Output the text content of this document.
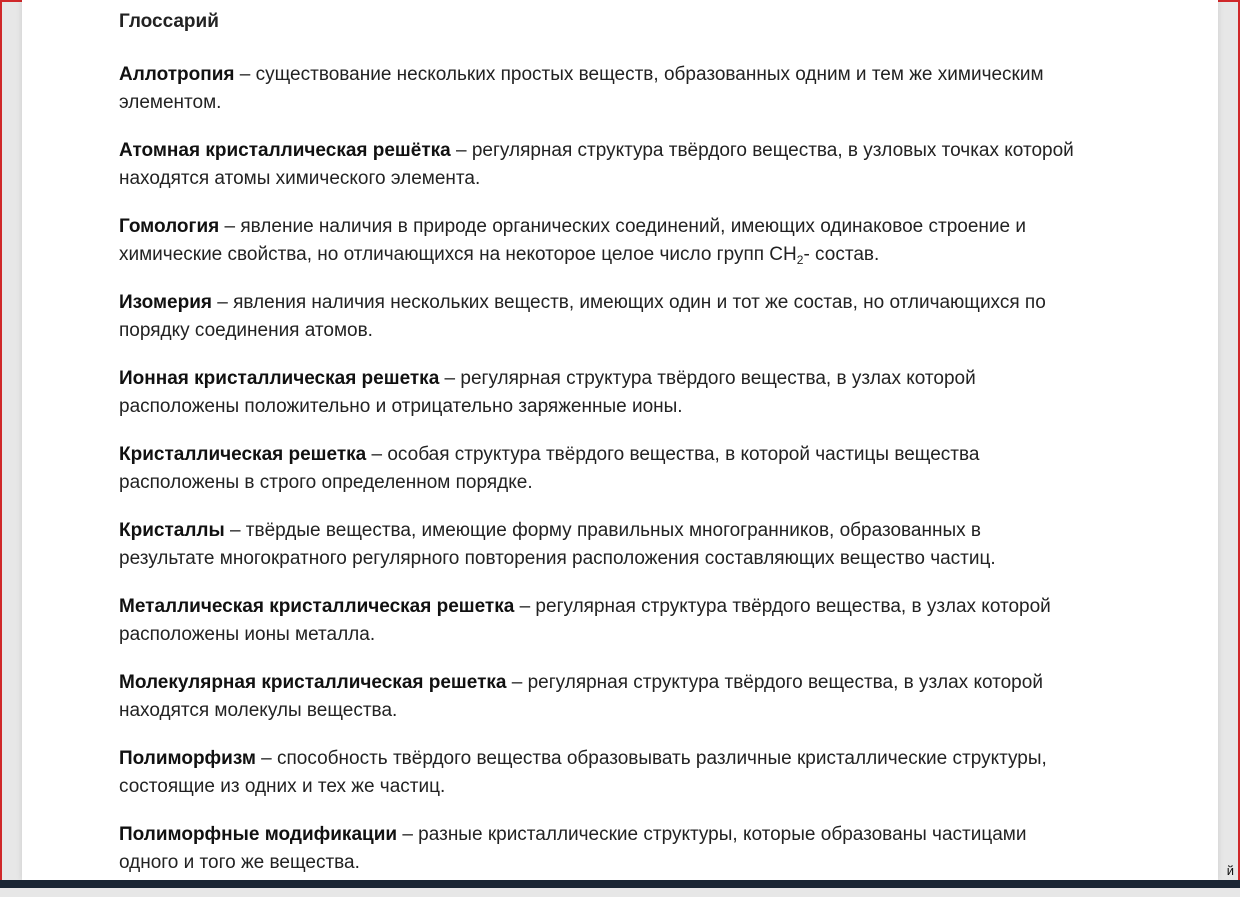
Глоссарий

Аллотропия – существование нескольких простых веществ, образованных одним и тем же химическим элементом.

Атомная кристаллическая решётка – регулярная структура твёрдого вещества, в узловых точках которой находятся атомы химического элемента.

Гомология – явление наличия в природе органических соединений, имеющих одинаковое строение и химические свойства, но отличающихся на некоторое целое число групп $CH_2-$ состав.

Изомерия – явления наличия нескольких веществ, имеющих один и тот же состав, но отличающихся по порядку соединения атомов.

Ионная кристаллическая решетка – регулярная структура твёрдого вещества, в узлах которой расположены положительно и отрицательно заряженные ионы.

Кристаллическая решетка – особая структура твёрдого вещества, в которой частицы вещества расположены в строго определенном порядке.

Кристаллы – твёрдые вещества, имеющие форму правильных многогранников, образованных в результате многократного регулярного повторения расположения составляющих вещество частиц.

Металлическая кристаллическая решетка – регулярная структура твёрдого вещества, в узлах которой расположены ионы металла.

Молекулярная кристаллическая решетка – регулярная структура твёрдого вещества, в узлах которой находятся молекулы вещества.

Полиморфизм – способность твёрдого вещества образовывать различные кристаллические структуры, состоящие из одних и тех же частиц.

Полиморфные модификации – разные кристаллические структуры, которые образованы частицами одного и того же вещества.	й
